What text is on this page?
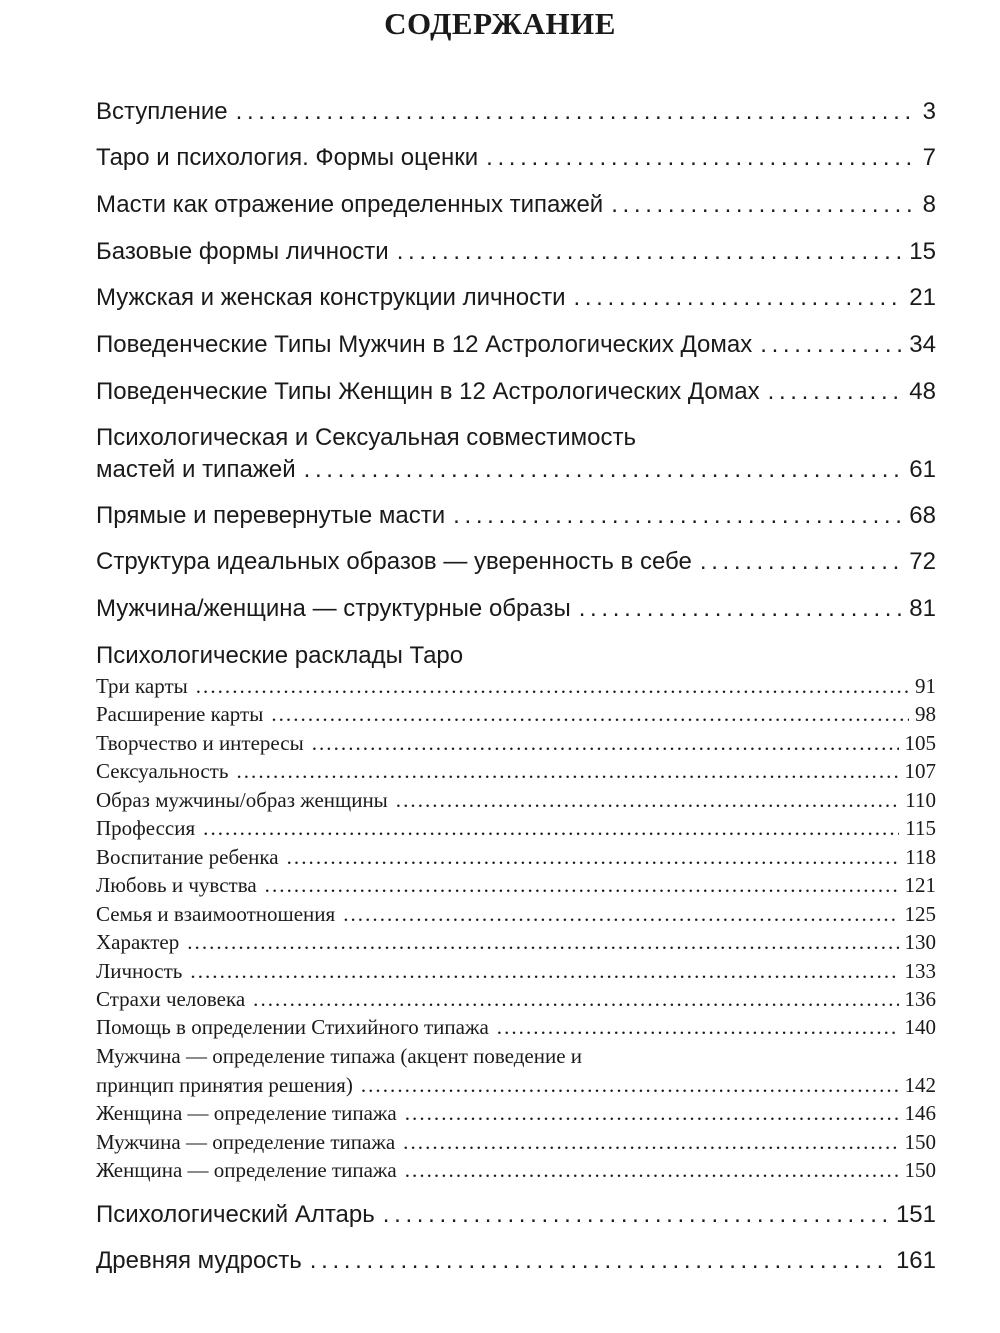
СОДЕРЖАНИЕ
Вступление . . .	3
Таро и психология. Формы оценки . . .	7
Масти как отражение определенных типажей . . .	8
Базовые формы личности . . .	15
Мужская и женская конструкции личности . . .	21
Поведенческие Типы Мужчин в 12 Астрологических Домах . . .	34
Поведенческие Типы Женщин в 12 Астрологических Домах . . .	48
Психологическая и Сексуальная совместимость
мастей и типажей . . .	61
Прямые и перевернутые масти . . .	68
Структура идеальных образов — уверенность в себе . . .	72
Мужчина/женщина — структурные образы . . .	81
Психологические расклады Таро
Три карты . . .	91
Расширение карты . . .	98
Творчество и интересы . . .	105
Сексуальность . . .	107
Образ мужчины/образ женщины . . .	110
Профессия . . .	115
Воспитание ребенка . . .	118
Любовь и чувства . . .	121
Семья и взаимоотношения . . .	125
Характер . . .	130
Личность . . .	133
Страхи человека . . .	136
Помощь в определении Стихийного типажа . . .	140
Мужчина — определение типажа (акцент поведение и
принцип принятия решения) . . .	142
Женщина — определение типажа . . .	146
Мужчина — определение типажа . . .	150
Женщина — определение типажа . . .	150
Психологический Алтарь . . .	151
Древняя мудрость . . .	161
